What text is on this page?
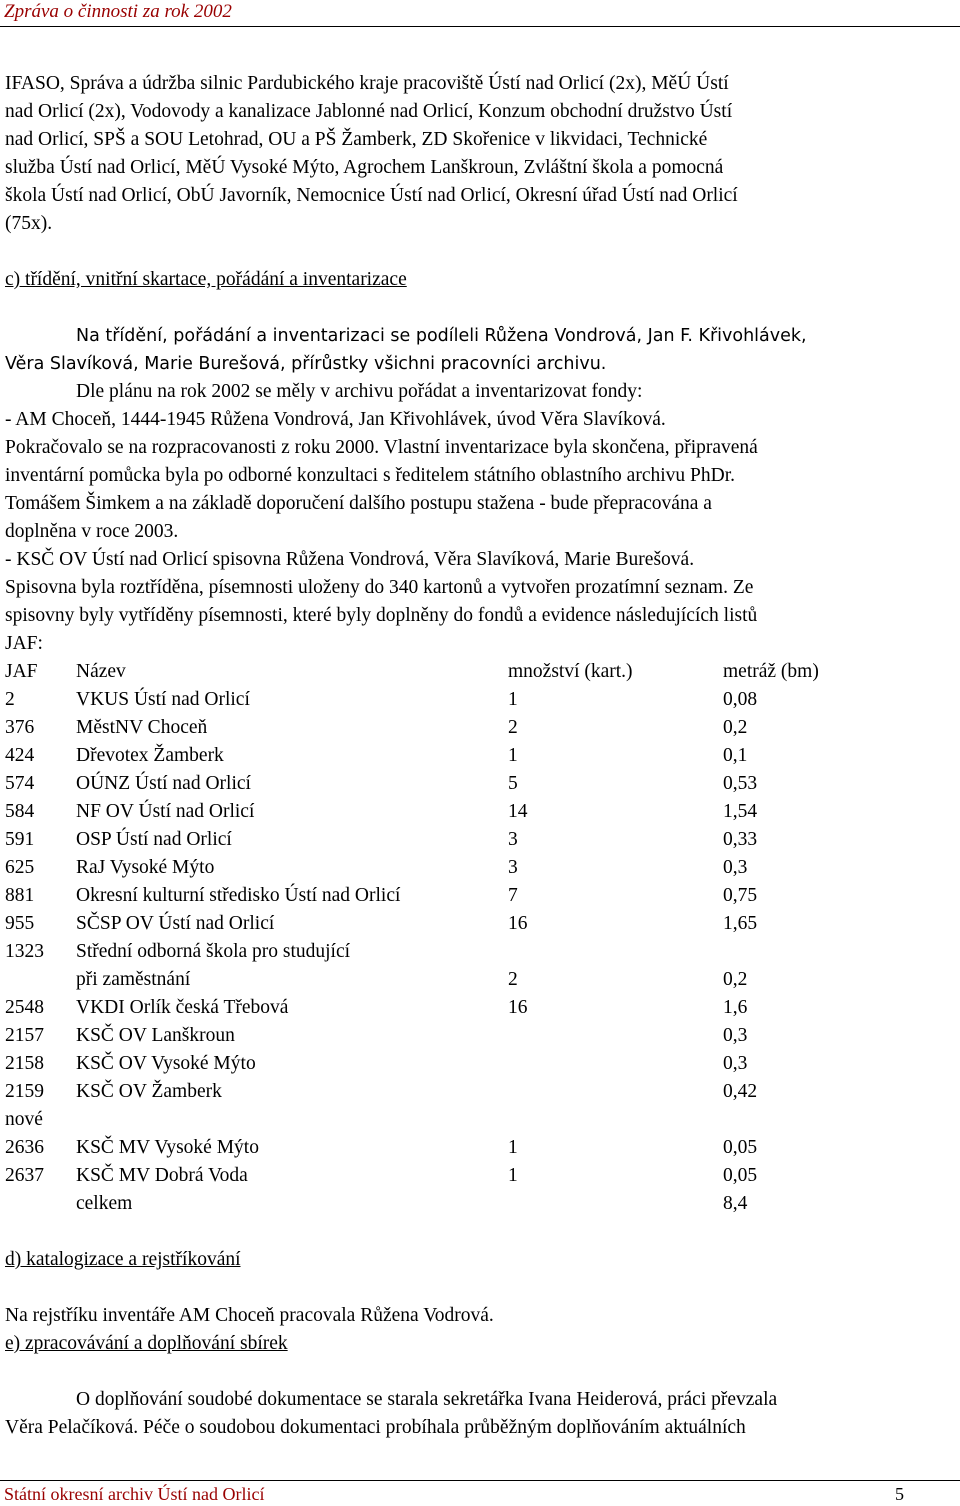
Zpráva o činnosti za rok 2002

IFASO, Správa a údržba silnic Pardubického kraje pracoviště Ústí nad Orlicí (2x), MěÚ Ústí

nad Orlicí (2x), Vodovody a kanalizace Jablonné nad Orlicí, Konzum obchodní družstvo Ústí

nad Orlicí, SPŠ a SOU Letohrad, OU a PŠ Žamberk, ZD Skořenice v likvidaci, Technické

služba Ústí nad Orlicí, MěÚ Vysoké Mýto, Agrochem Lanškroun, Zvláštní škola a pomocná

škola Ústí nad Orlicí, ObÚ Javorník, Nemocnice Ústí nad Orlicí, Okresní úřad Ústí nad Orlicí

(75x).

c) třídění, vnitřní skartace, pořádání a inventarizace

Na třídění, pořádání a inventarizaci se podíleli Růžena Vondrová, Jan F. Křivohlávek,

Věra Slavíková, Marie Burešová, přírůstky všichni pracovníci archivu.

Dle plánu na rok 2002 se měly v archivu pořádat a inventarizovat fondy:

- AM Choceň, 1444-1945 Růžena Vondrová, Jan Křivohlávek, úvod Věra Slavíková.

Pokračovalo se na rozpracovanosti z roku 2000. Vlastní inventarizace byla skončena, připravená

inventární pomůcka byla po odborné konzultaci s ředitelem státního oblastního archivu PhDr.

Tomášem Šimkem a na základě doporučení dalšího postupu stažena - bude přepracována a

doplněna v roce 2003.

- KSČ OV Ústí nad Orlicí spisovna Růžena Vondrová, Věra Slavíková, Marie Burešová.

Spisovna byla roztříděna, písemnosti uloženy do 340 kartonů a vytvořen prozatímní seznam. Ze

spisovny byly vytříděny písemnosti, které byly doplněny do fondů a evidence následujících listů

JAF:

JAF	Název	množství (kart.)	metráž (bm)
2	VKUS Ústí nad Orlicí	1	0,08
376	MěstNV Choceň	2	0,2
424	Dřevotex Žamberk	1	0,1
574	OÚNZ Ústí nad Orlicí	5	0,53
584	NF OV Ústí nad Orlicí	14	1,54
591	OSP Ústí nad Orlicí	3	0,33
625	RaJ Vysoké Mýto	3	0,3
881	Okresní kulturní středisko Ústí nad Orlicí	7	0,75
955	SČSP OV Ústí nad Orlicí	16	1,65
1323	Střední odborná škola pro studující		
	při zaměstnání	2	0,2
2548	VKDI Orlík česká Třebová	16	1,6
2157	KSČ OV Lanškroun		0,3
2158	KSČ OV Vysoké Mýto		0,3
2159	KSČ OV Žamberk		0,42
nové			
2636	KSČ MV Vysoké Mýto	1	0,05
2637	KSČ MV Dobrá Voda	1	0,05
	celkem		8,4

d) katalogizace a rejstříkování

Na rejstříku inventáře AM Choceň pracovala Růžena Vodrová.

e) zpracovávání a doplňování sbírek

O doplňování soudobé dokumentace se starala sekretářka Ivana Heiderová, práci převzala

Věra Pelačíková. Péče o soudobou dokumentaci probíhala průběžným doplňováním aktuálních

Státní okresní archiv Ústí nad Orlicí	5
